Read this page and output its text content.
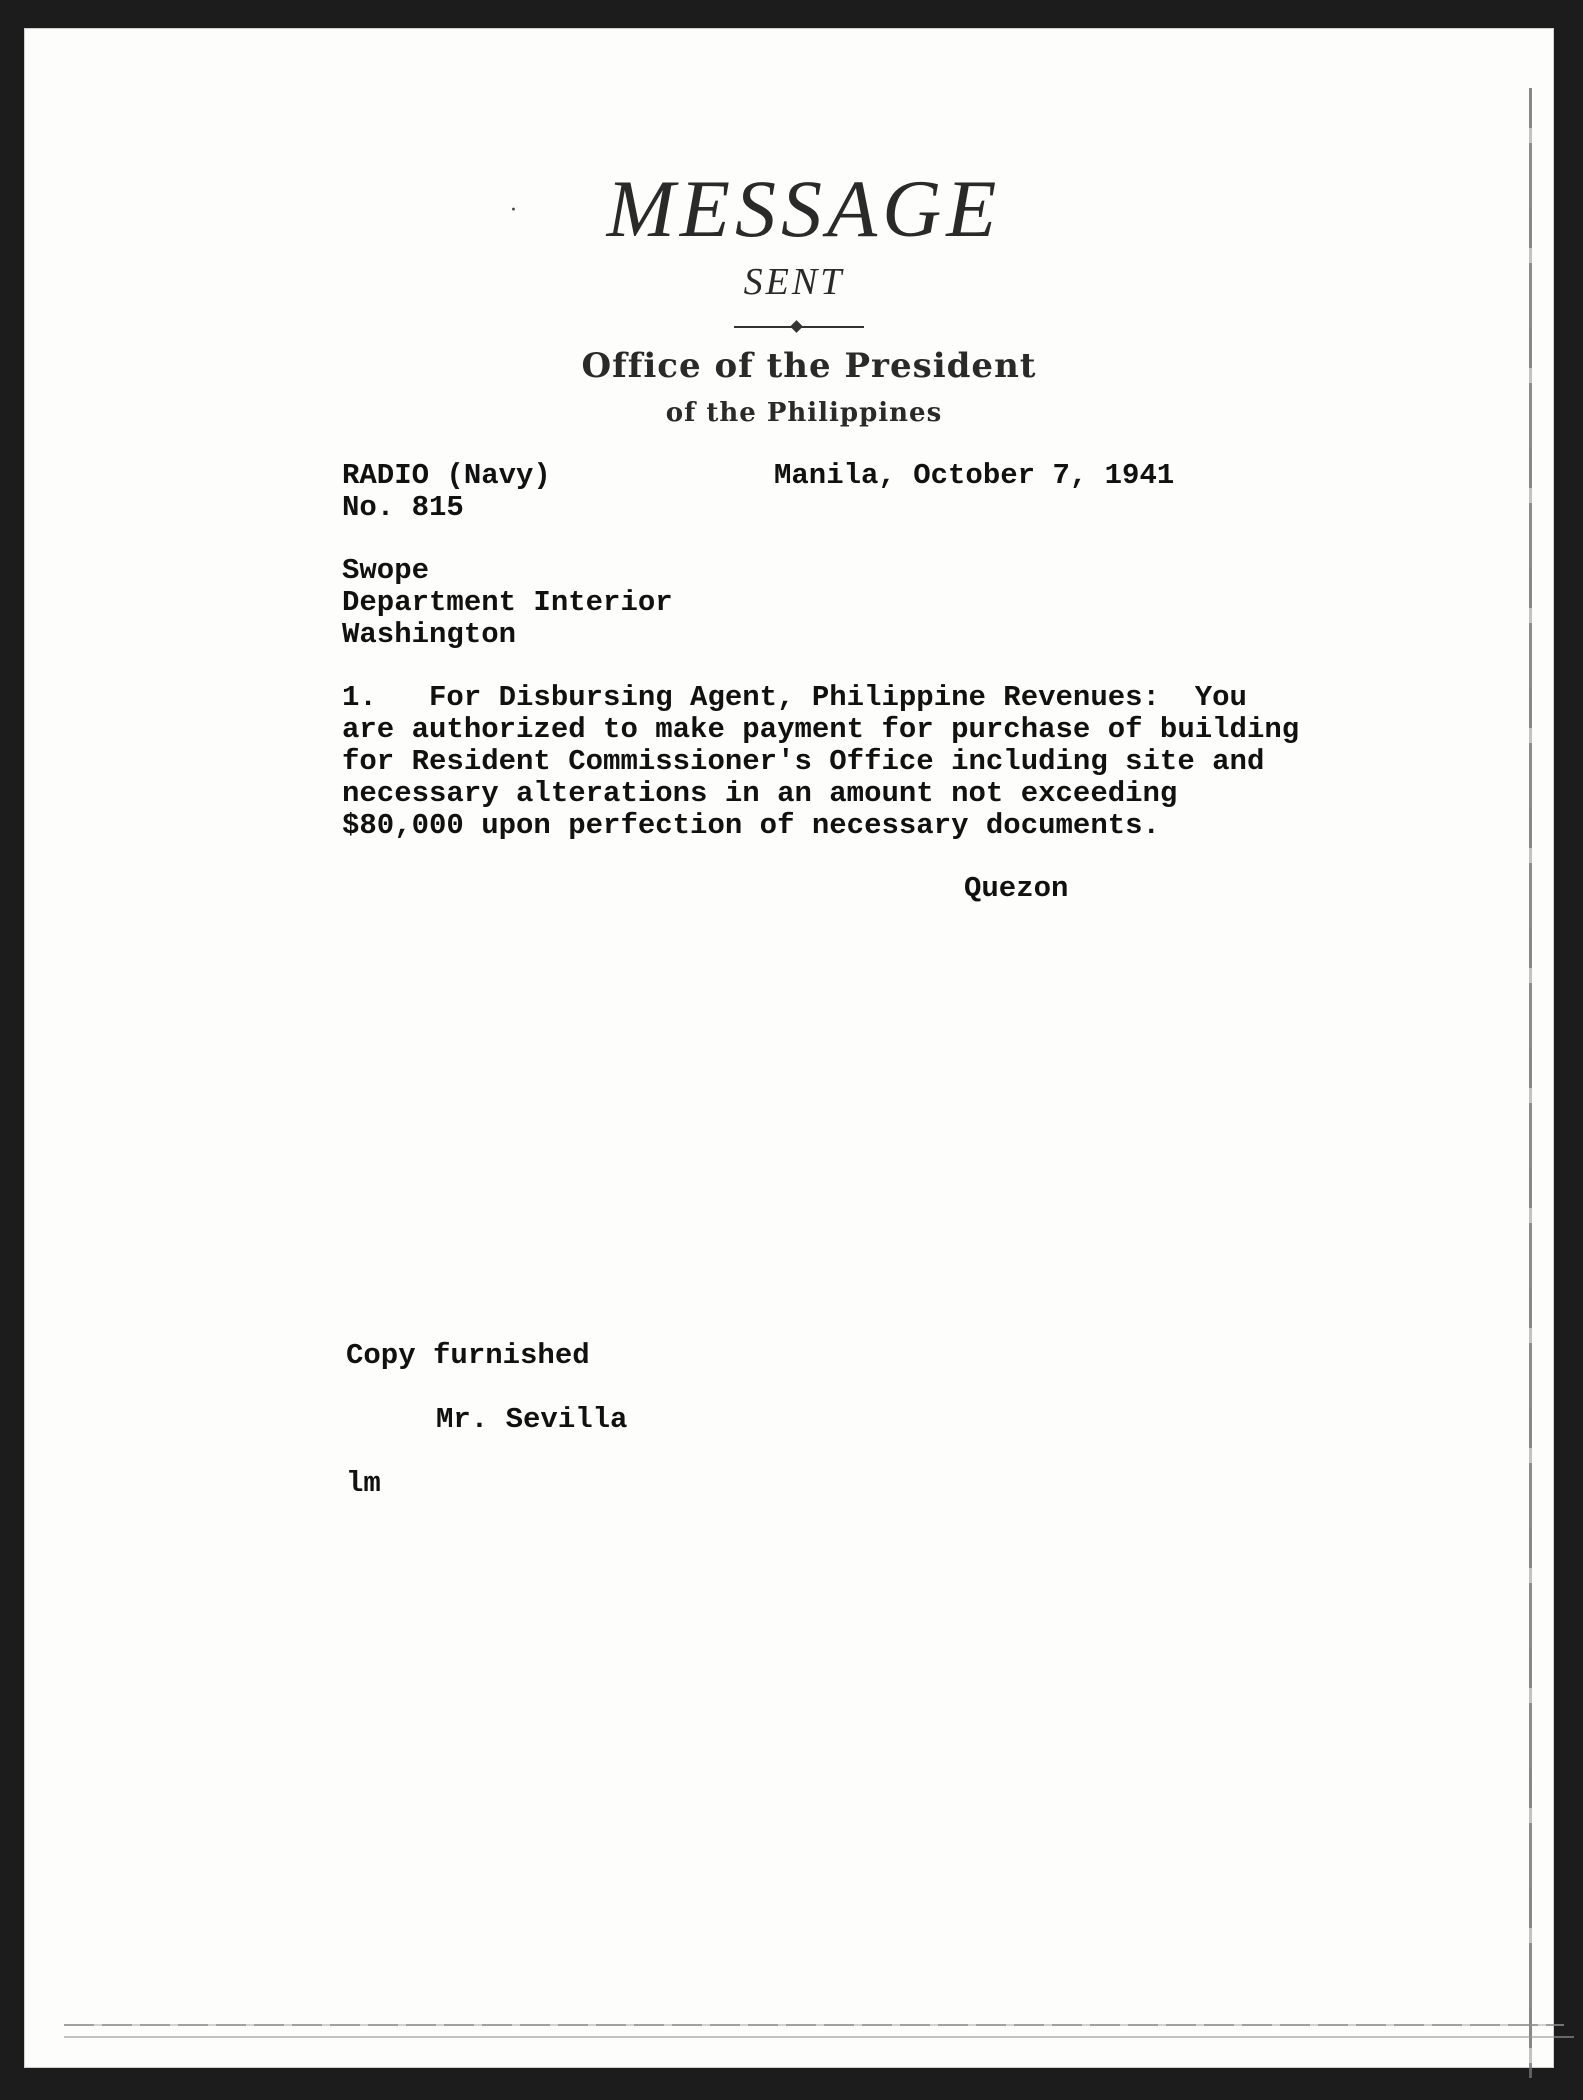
·	MESSAGE
SENT
Office of the President
of the Philippines
RADIO (Navy)	Manila, October 7, 1941
No. 815
Swope
Department Interior
Washington
1.   For Disbursing Agent, Philippine Revenues:  You
are authorized to make payment for purchase of building
for Resident Commissioner's Office including site and
necessary alterations in an amount not exceeding
$80,000 upon perfection of necessary documents.
Quezon
Copy furnished
Mr. Sevilla
lm
